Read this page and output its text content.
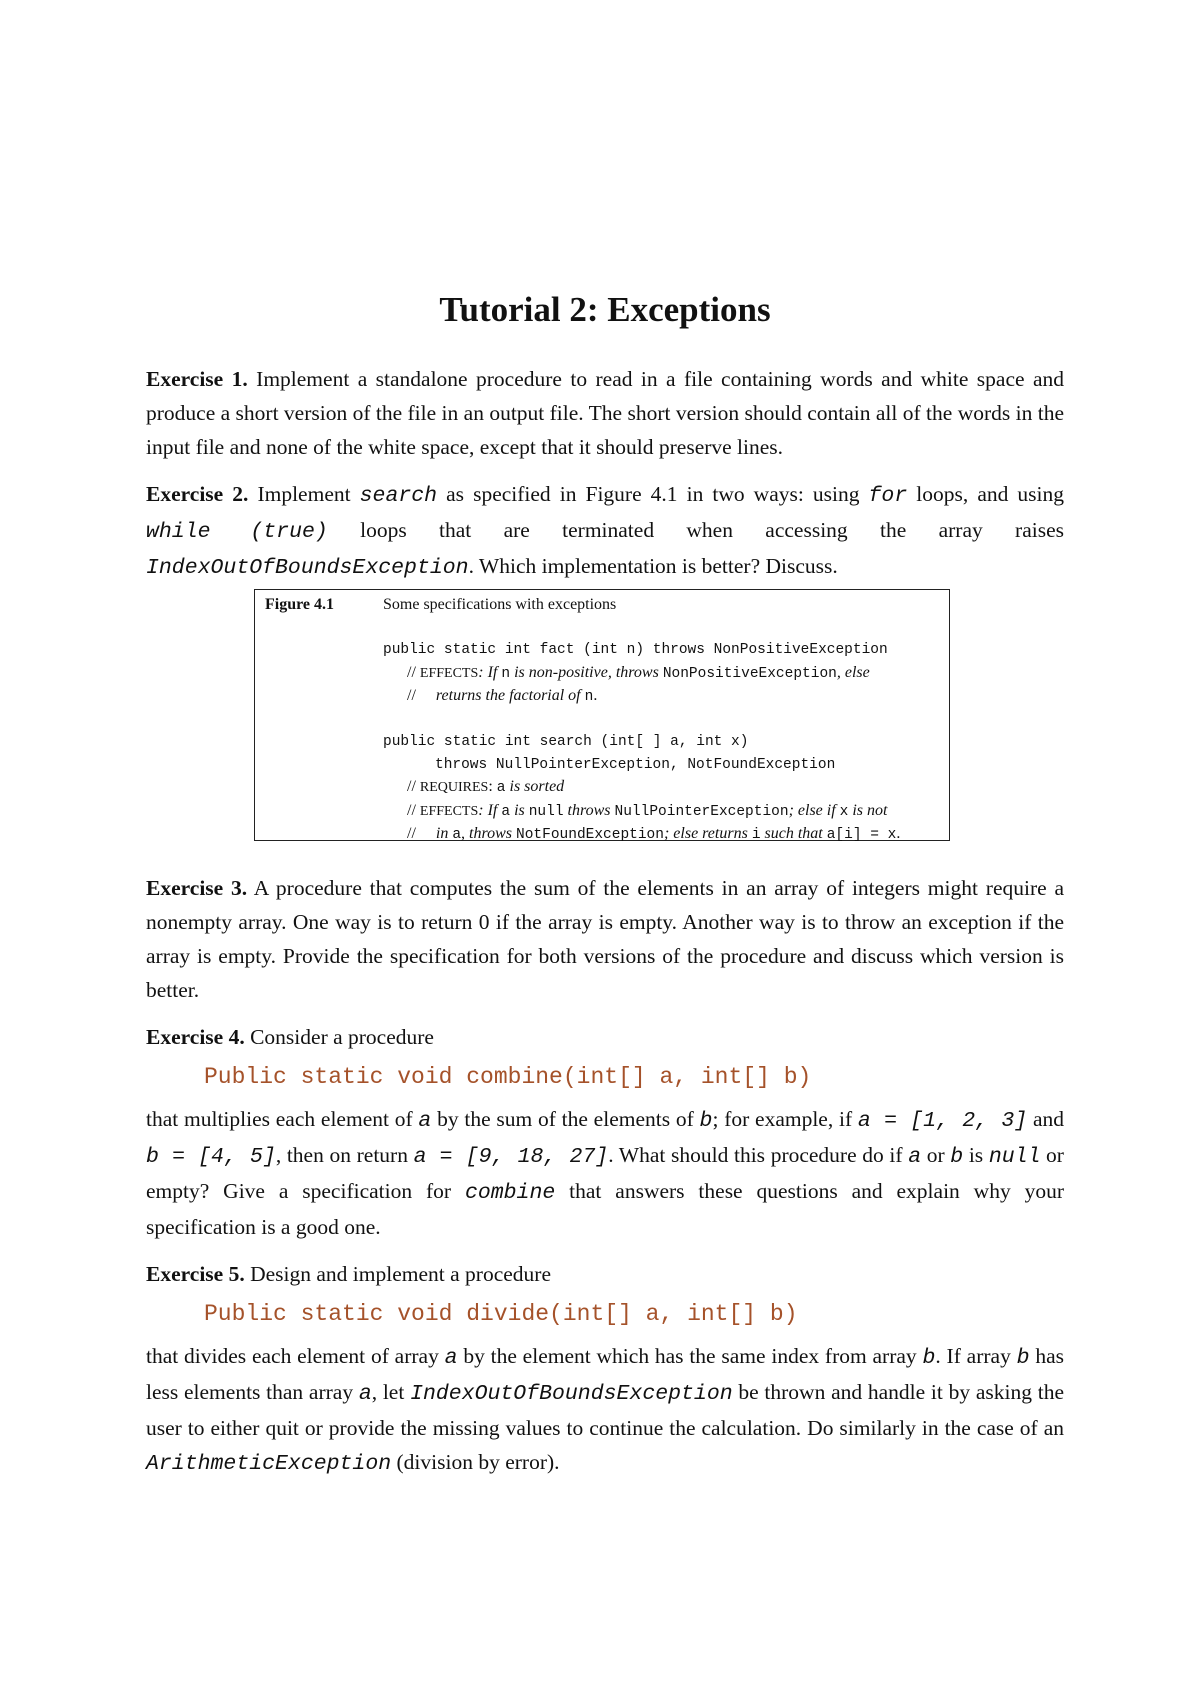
Tutorial 2: Exceptions

Exercise 1. Implement a standalone procedure to read in a file containing words and white space and produce a short version of the file in an output file. The short version should contain all of the words in the input file and none of the white space, except that it should preserve lines.

Exercise 2. Implement search as specified in Figure 4.1 in two ways: using for loops, and using while (true) loops that are terminated when accessing the array raises IndexOutOfBoundsException. Which implementation is better? Discuss.

Figure 4.1	Some specifications with exceptions
public static int fact (int n) throws NonPositiveException
// EFFECTS: If n is non-positive, throws NonPositiveException, else
// returns the factorial of n.
public static int search (int[ ] a, int x)
throws NullPointerException, NotFoundException
// REQUIRES: a is sorted
// EFFECTS: If a is null throws NullPointerException; else if x is not
// in a, throws NotFoundException; else returns i such that a[i] = x.

Exercise 3. A procedure that computes the sum of the elements in an array of integers might require a nonempty array. One way is to return 0 if the array is empty. Another way is to throw an exception if the array is empty. Provide the specification for both versions of the procedure and discuss which version is better.

Exercise 4. Consider a procedure

Public static void combine(int[] a, int[] b)

that multiplies each element of a by the sum of the elements of b; for example, if a = [1, 2, 3] and b = [4, 5], then on return a = [9, 18, 27]. What should this procedure do if a or b is null or empty? Give a specification for combine that answers these questions and explain why your specification is a good one.

Exercise 5. Design and implement a procedure

Public static void divide(int[] a, int[] b)

that divides each element of array a by the element which has the same index from array b. If array b has less elements than array a, let IndexOutOfBoundsException be thrown and handle it by asking the user to either quit or provide the missing values to continue the calculation. Do similarly in the case of an ArithmeticException (division by error).
